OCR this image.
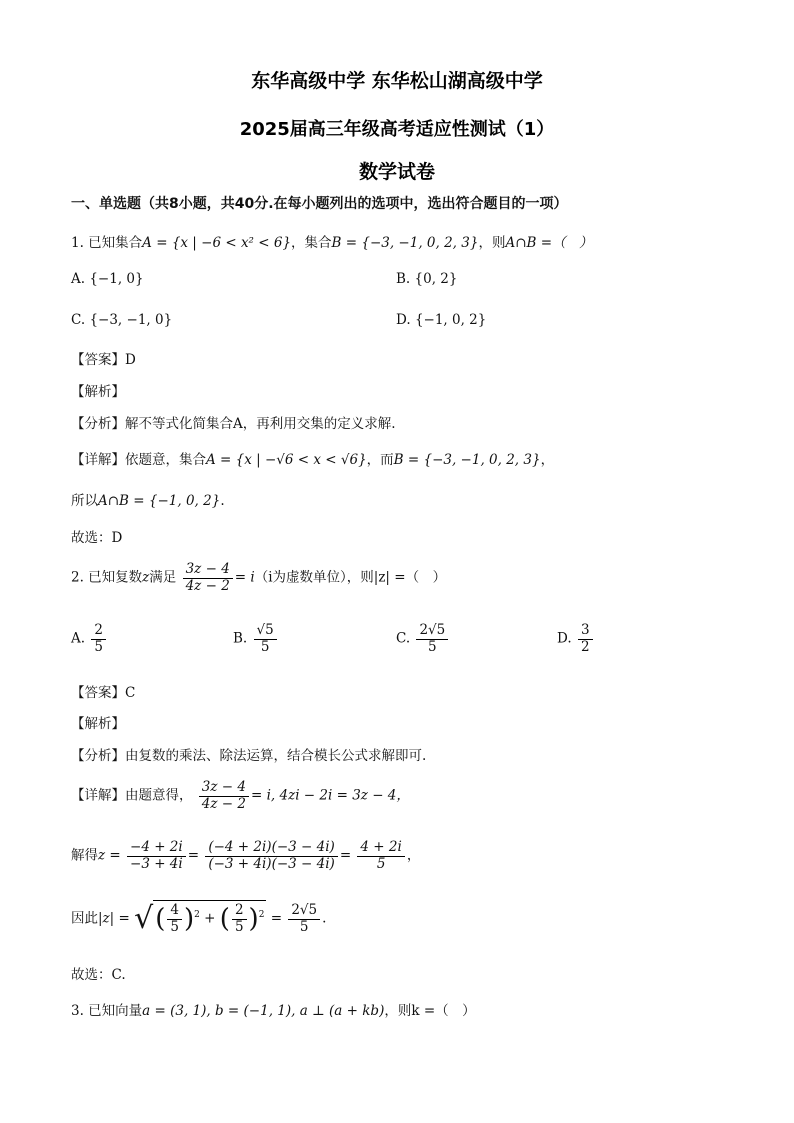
东华高级中学 东华松山湖高级中学
2025届高三年级高考适应性测试（1）
数学试卷
一、单选题（共8小题，共40分.在每小题列出的选项中，选出符合题目的一项）
1. 已知集合A = {x | −6 < x² < 6}，集合B = {−3, −1, 0, 2, 3}，则A∩B =（　）
A. {−1, 0}	B. {0, 2}
C. {−3, −1, 0}	D. {−1, 0, 2}
【答案】D
【解析】
【分析】解不等式化简集合A，再利用交集的定义求解.
【详解】依题意，集合A = {x | −√6 < x < √6}，而B = {−3, −1, 0, 2, 3}，
所以A∩B = {−1, 0, 2}.
故选：D
2. 已知复数z满足 $\frac{3z - 4}{4z - 2} = i(i$为虚数单位），则|z| =（　）
A. $\frac{2}{5}$	B. $\frac{√5}{5}$	C. $\frac{2√5}{5}$	D. $\frac{3}{2}$
【答案】C
【解析】
【分析】由复数的乘法、除法运算，结合模长公式求解即可.
【详解】由题意得， $\frac{3z - 4}{4z - 2} = i$, 4zi − 2i = 3z − 4，
解得$z = \frac{-4 + 2i}{-3 + 4i} = \frac{(-4 + 2i)(-3 - 4i)}{(-3 + 4i)(-3 - 4i)} = \frac{4 + 2i}{5}$ ，
因此|z| = √( $\frac{4}{5} )^2$ + ( $\frac{2}{5} )^2 = \frac{2√5}{5}$ .
故选：C.
3. 已知向量a = (3, 1), b = (−1, 1), a ⊥ (a + kb)，则k =（　）
